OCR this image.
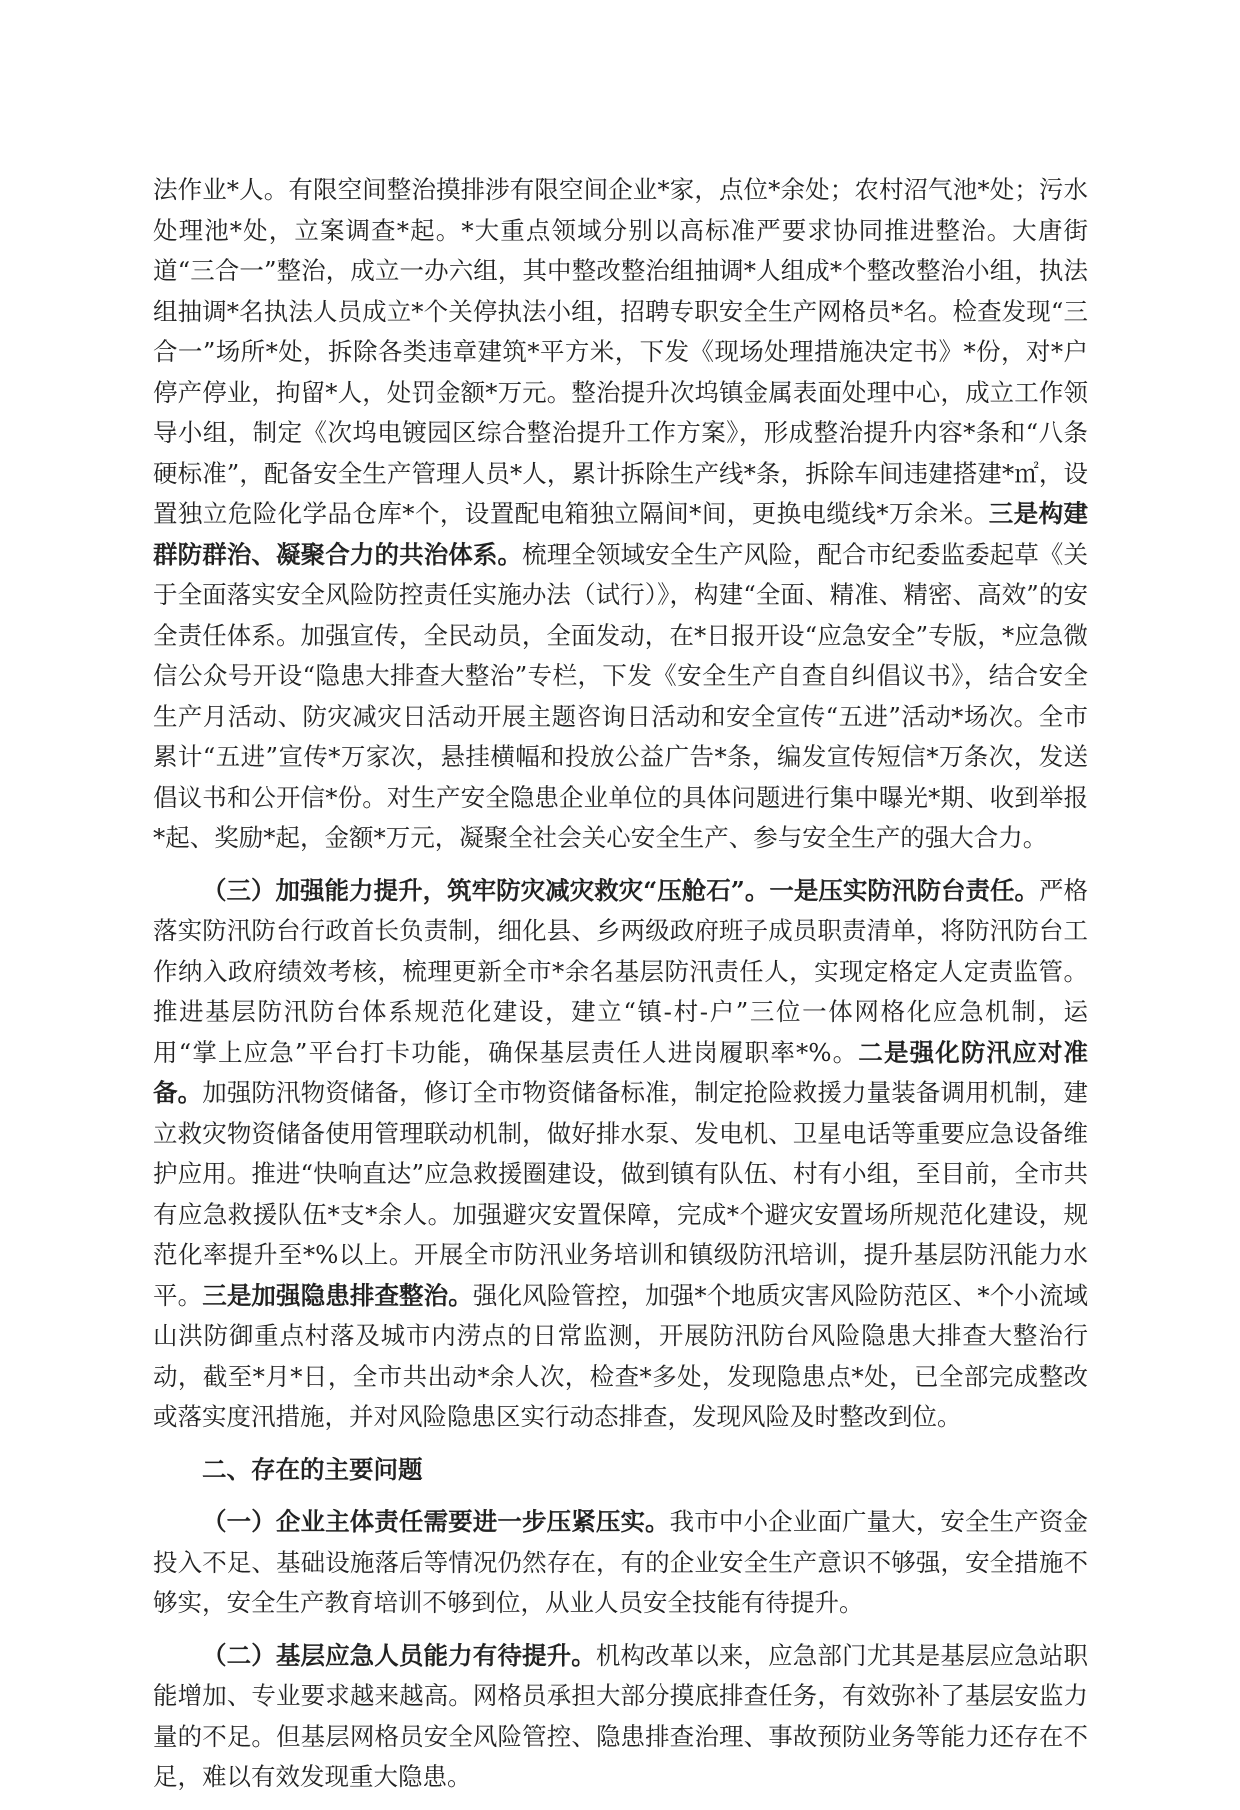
法作业*人。有限空间整治摸排涉有限空间企业*家，点位*余处；农村沼气池*处；污水处理池*处，立案调查*起。*大重点领域分别以高标准严要求协同推进整治。大唐街道“三合一”整治，成立一办六组，其中整改整治组抽调*人组成*个整改整治小组，执法组抽调*名执法人员成立*个关停执法小组，招聘专职安全生产网格员*名。检查发现“三合一”场所*处，拆除各类违章建筑*平方米，下发《现场处理措施决定书》*份，对*户停产停业，拘留*人，处罚金额*万元。整治提升次坞镇金属表面处理中心，成立工作领导小组，制定《次坞电镀园区综合整治提升工作方案》，形成整治提升内容*条和“八条硬标准”，配备安全生产管理人员*人，累计拆除生产线*条，拆除车间违建搭建*㎡，设置独立危险化学品仓库*个，设置配电箱独立隔间*间，更换电缆线*万余米。三是构建群防群治、凝聚合力的共治体系。梳理全领域安全生产风险，配合市纪委监委起草《关于全面落实安全风险防控责任实施办法（试行）》，构建“全面、精准、精密、高效”的安全责任体系。加强宣传，全民动员，全面发动，在*日报开设“应急安全”专版，*应急微信公众号开设“隐患大排查大整治”专栏，下发《安全生产自查自纠倡议书》，结合安全生产月活动、防灾减灾日活动开展主题咨询日活动和安全宣传“五进”活动*场次。全市累计“五进”宣传*万家次，悬挂横幅和投放公益广告*条，编发宣传短信*万条次，发送倡议书和公开信*份。对生产安全隐患企业单位的具体问题进行集中曝光*期、收到举报*起、奖励*起，金额*万元，凝聚全社会关心安全生产、参与安全生产的强大合力。

（三）加强能力提升，筑牢防灾减灾救灾“压舱石”。一是压实防汛防台责任。严格落实防汛防台行政首长负责制，细化县、乡两级政府班子成员职责清单，将防汛防台工作纳入政府绩效考核，梳理更新全市*余名基层防汛责任人，实现定格定人定责监管。推进基层防汛防台体系规范化建设，建立“镇-村-户”三位一体网格化应急机制，运用“掌上应急”平台打卡功能，确保基层责任人进岗履职率*%。二是强化防汛应对准备。加强防汛物资储备，修订全市物资储备标准，制定抢险救援力量装备调用机制，建立救灾物资储备使用管理联动机制，做好排水泵、发电机、卫星电话等重要应急设备维护应用。推进“快响直达”应急救援圈建设，做到镇有队伍、村有小组，至目前，全市共有应急救援队伍*支*余人。加强避灾安置保障，完成*个避灾安置场所规范化建设，规范化率提升至*%以上。开展全市防汛业务培训和镇级防汛培训，提升基层防汛能力水平。三是加强隐患排查整治。强化风险管控，加强*个地质灾害风险防范区、*个小流域山洪防御重点村落及城市内涝点的日常监测，开展防汛防台风险隐患大排查大整治行动，截至*月*日，全市共出动*余人次，检查*多处，发现隐患点*处，已全部完成整改或落实度汛措施，并对风险隐患区实行动态排查，发现风险及时整改到位。

二、存在的主要问题

（一）企业主体责任需要进一步压紧压实。我市中小企业面广量大，安全生产资金投入不足、基础设施落后等情况仍然存在，有的企业安全生产意识不够强，安全措施不够实，安全生产教育培训不够到位，从业人员安全技能有待提升。

（二）基层应急人员能力有待提升。机构改革以来，应急部门尤其是基层应急站职能增加、专业要求越来越高。网格员承担大部分摸底排查任务，有效弥补了基层安监力量的不足。但基层网格员安全风险管控、隐患排查治理、事故预防业务等能力还存在不足，难以有效发现重大隐患。
